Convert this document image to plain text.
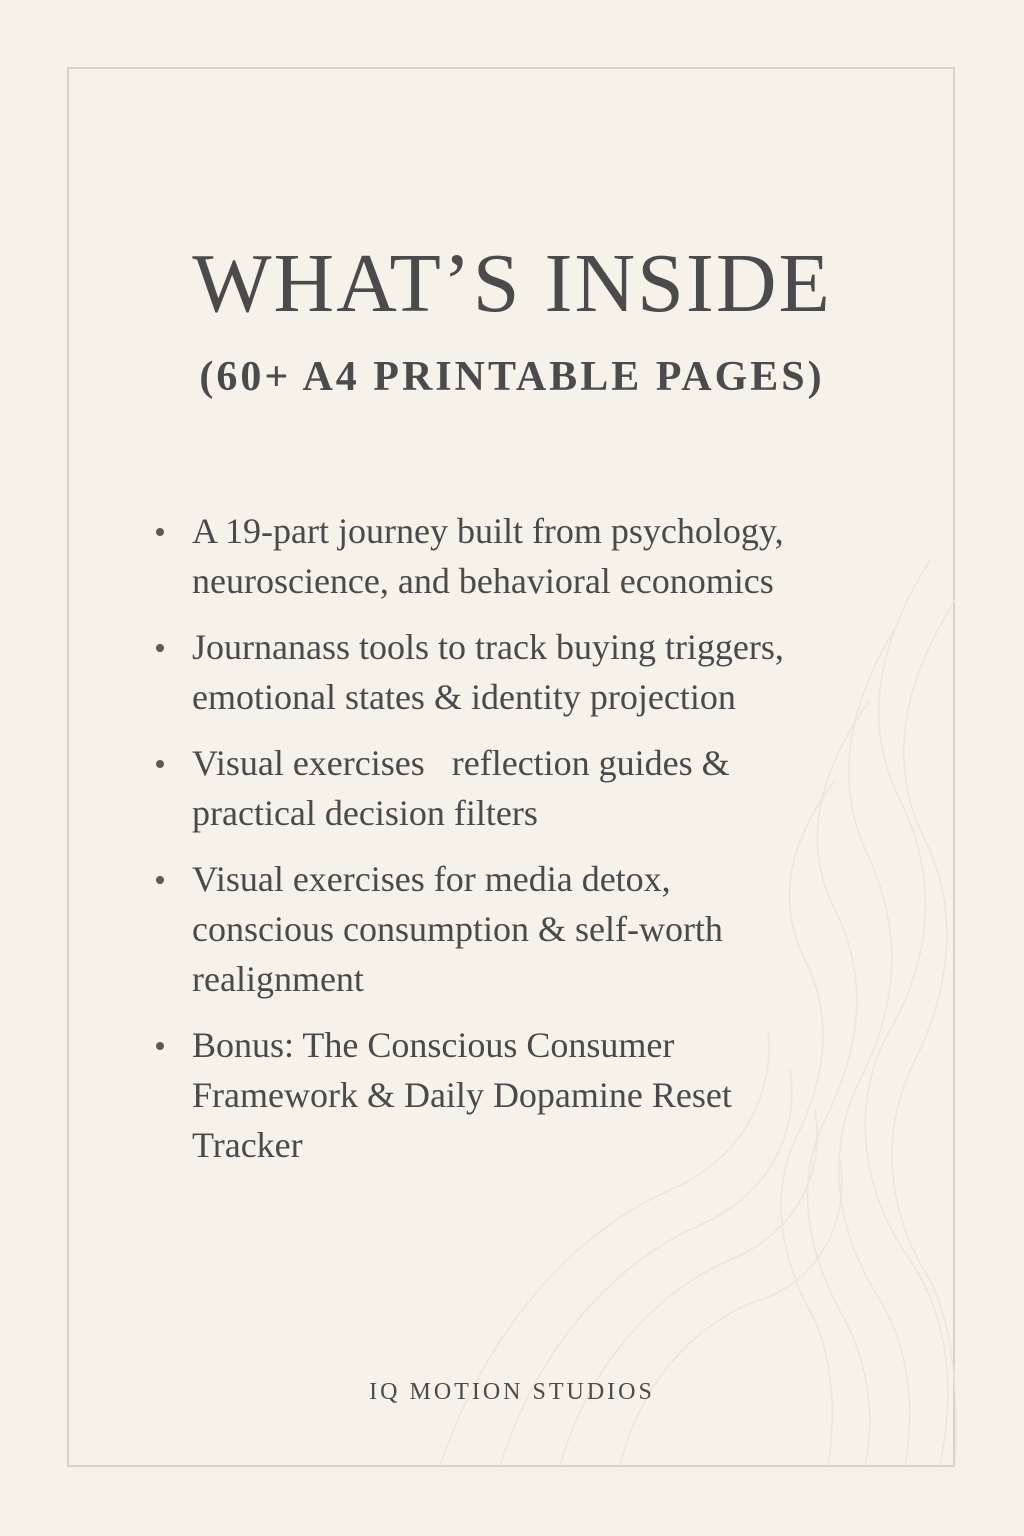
WHAT’S INSIDE
(60+ A4 PRINTABLE PAGES)
A 19-part journey built from psychology, neuroscience, and behavioral economics
Journanass tools to track buying triggers, emotional states & identity projection
Visual exercises   reflection guides & practical decision filters
Visual exercises for media detox, conscious consumption & self-worth realignment
Bonus: The Conscious Consumer Framework & Daily Dopamine Reset Tracker

IQ MOTION STUDIOS
